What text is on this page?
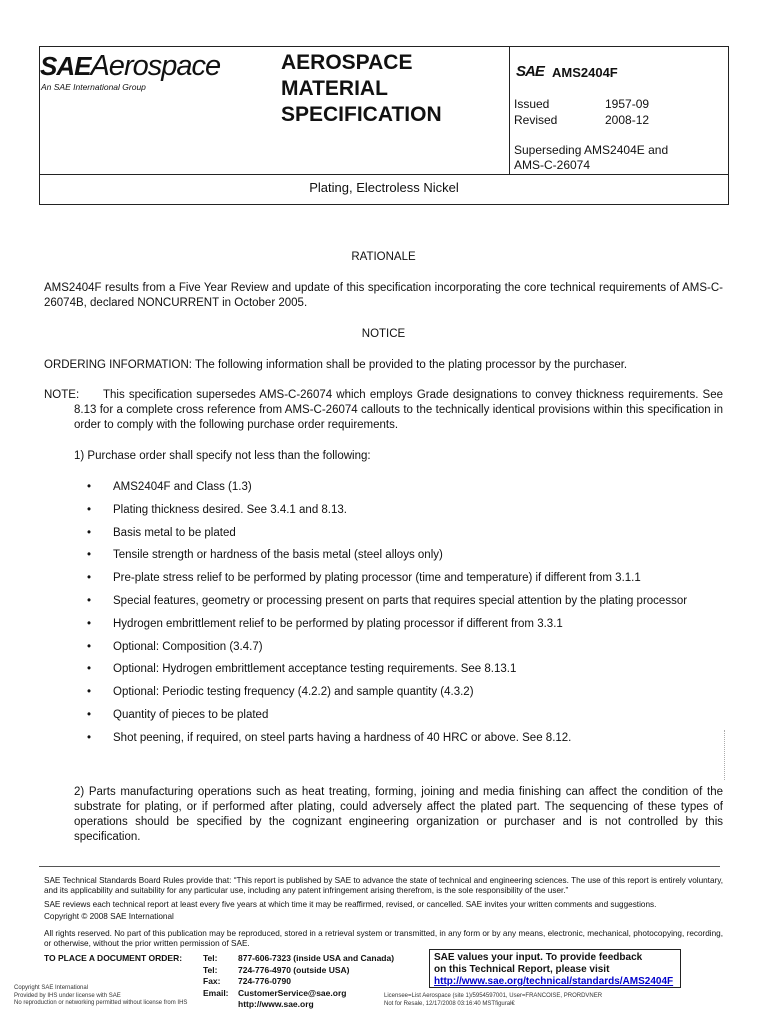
SAEAerospace
An SAE International Group
AEROSPACE
MATERIAL
SPECIFICATION
SAE AMS2404F
Issued	1957-09
Revised	2008-12
Superseding AMS2404E and
AMS-C-26074
Plating, Electroless Nickel
RATIONALE
AMS2404F results from a Five Year Review and update of this specification incorporating the core technical requirements of AMS-C-26074B, declared NONCURRENT in October 2005.
NOTICE
ORDERING INFORMATION: The following information shall be provided to the plating processor by the purchaser.
NOTE:	This specification supersedes AMS-C-26074 which employs Grade designations to convey thickness requirements. See 8.13 for a complete cross reference from AMS-C-26074 callouts to the technically identical provisions within this specification in order to comply with the following purchase order requirements.
1) Purchase order shall specify not less than the following:
• AMS2404F and Class (1.3)
• Plating thickness desired. See 3.4.1 and 8.13.
• Basis metal to be plated
• Tensile strength or hardness of the basis metal (steel alloys only)
• Pre-plate stress relief to be performed by plating processor (time and temperature) if different from 3.1.1
• Special features, geometry or processing present on parts that requires special attention by the plating processor
• Hydrogen embrittlement relief to be performed by plating processor if different from 3.3.1
• Optional: Composition (3.4.7)
• Optional: Hydrogen embrittlement acceptance testing requirements. See 8.13.1
• Optional: Periodic testing frequency (4.2.2) and sample quantity (4.3.2)
• Quantity of pieces to be plated
• Shot peening, if required, on steel parts having a hardness of 40 HRC or above. See 8.12.
2) Parts manufacturing operations such as heat treating, forming, joining and media finishing can affect the condition of the substrate for plating, or if performed after plating, could adversely affect the plated part. The sequencing of these types of operations should be specified by the cognizant engineering organization or purchaser and is not controlled by this specification.
SAE Technical Standards Board Rules provide that: “This report is published by SAE to advance the state of technical and engineering sciences. The use of this report is entirely voluntary, and its applicability and suitability for any particular use, including any patent infringement arising therefrom, is the sole responsibility of the user.”
SAE reviews each technical report at least every five years at which time it may be reaffirmed, revised, or cancelled. SAE invites your written comments and suggestions.
Copyright © 2008 SAE International
All rights reserved. No part of this publication may be reproduced, stored in a retrieval system or transmitted, in any form or by any means, electronic, mechanical, photocopying, recording, or otherwise, without the prior written permission of SAE.
TO PLACE A DOCUMENT ORDER: Tel:	877-606-7323 (inside USA and Canada)
Tel:	724-776-4970 (outside USA)
Fax:	724-776-0790
Email:	CustomerService@sae.org
http://www.sae.org
SAE values your input. To provide feedback
on this Technical Report, please visit
http://www.sae.org/technical/standards/AMS2404F
Copyright SAE International
Provided by IHS under license with SAE
No reproduction or networking permitted without license from IHS
Licensee=List Aerospace (site 1)/5954597001, User=FRANCOISE, PRORDVNER
Not for Resale, 12/17/2008 03:16:40 MSTfigural€
